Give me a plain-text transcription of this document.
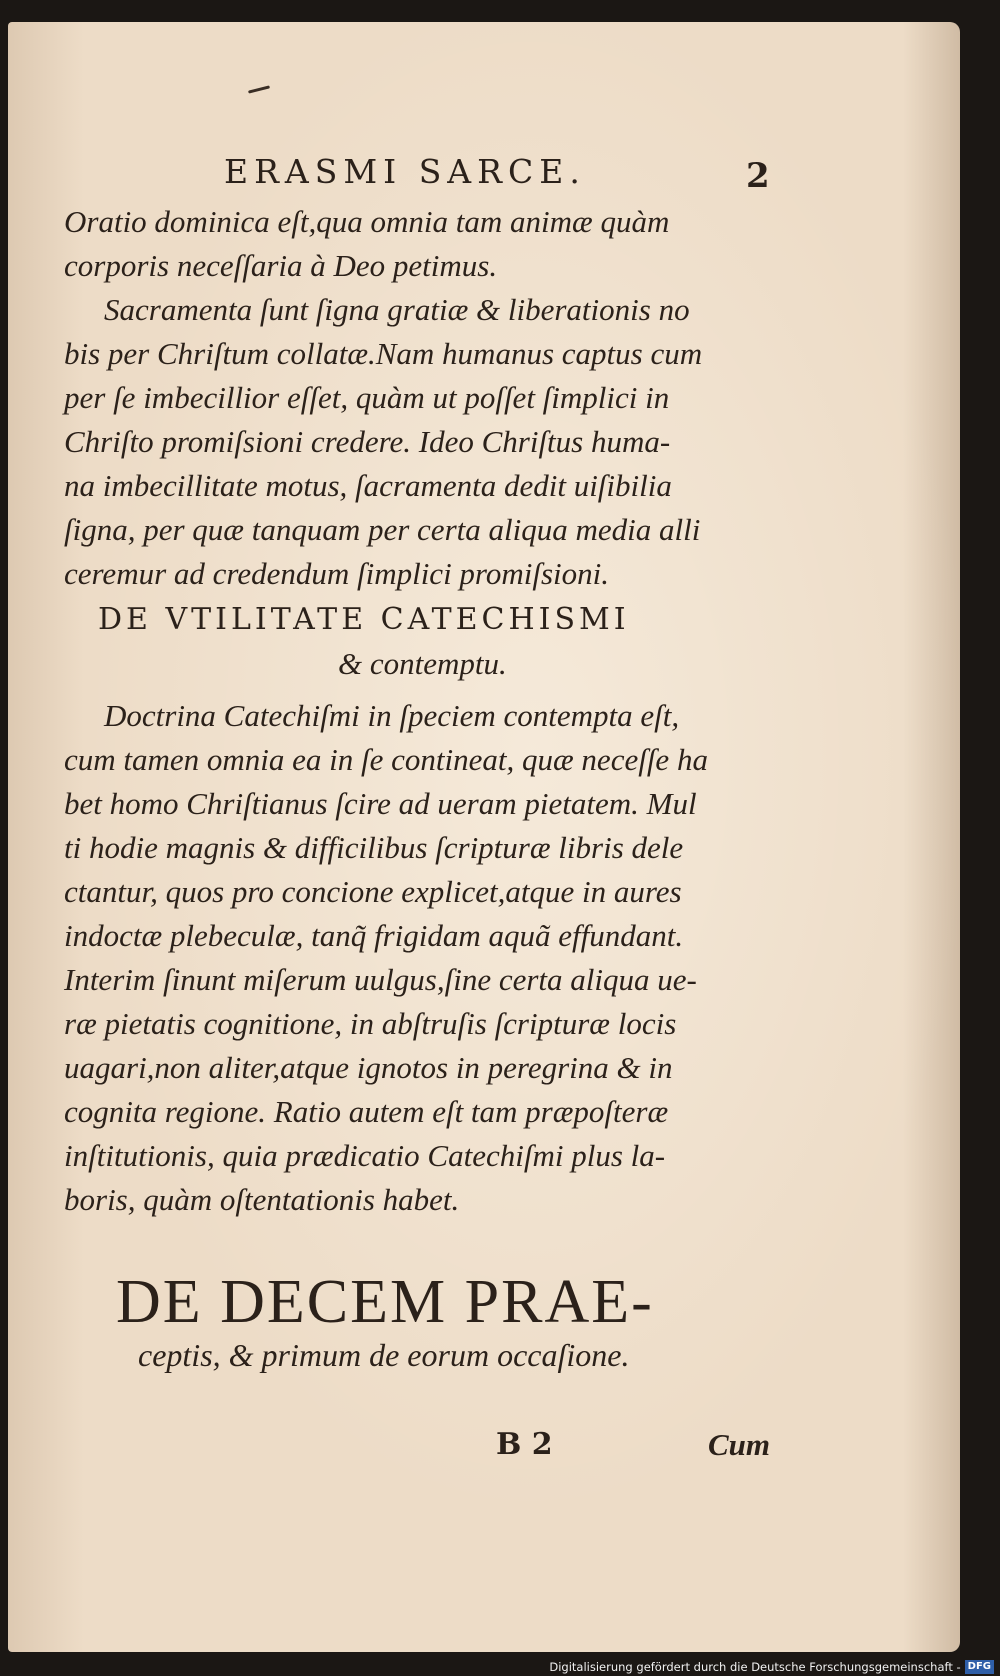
ERASMI SARCE.	2
Oratio dominica eſt,qua omnia tam animæ quàm
corporis neceſſaria à Deo petimus.
Sacramenta ſunt ſigna gratiæ & liberationis no
bis per Chriſtum collatæ.Nam humanus captus cum
per ſe imbecillior eſſet, quàm ut poſſet ſimplici in
Chriſto promiſsioni credere. Ideo Chriſtus huma-
na imbecillitate motus, ſacramenta dedit uiſibilia
ſigna, per quæ tanquam per certa aliqua media alli
ceremur ad credendum ſimplici promiſsioni.
DE VTILITATE CATECHISMI
& contemptu.
Doctrina Catechiſmi in ſpeciem contempta eſt,
cum tamen omnia ea in ſe contineat, quæ neceſſe ha
bet homo Chriſtianus ſcire ad ueram pietatem. Mul
ti hodie magnis & difficilibus ſcripturæ libris dele
ctantur, quos pro concione explicet,atque in aures
indoctæ plebeculæ, tanq̃ frigidam aquã effundant.
Interim ſinunt miſerum uulgus,ſine certa aliqua ue-
ræ pietatis cognitione, in abſtruſis ſcripturæ locis
uagari,non aliter,atque ignotos in peregrina & in
cognita regione. Ratio autem eſt tam præpoſteræ
inſtitutionis, quia prædicatio Catechiſmi plus la-
boris, quàm oſtentationis habet.
DE DECEM PRAE-
ceptis, & primum de eorum occaſione.
B 2	Cum
Digitalisierung gefördert durch die Deutsche Forschungsgemeinschaft - DFG
